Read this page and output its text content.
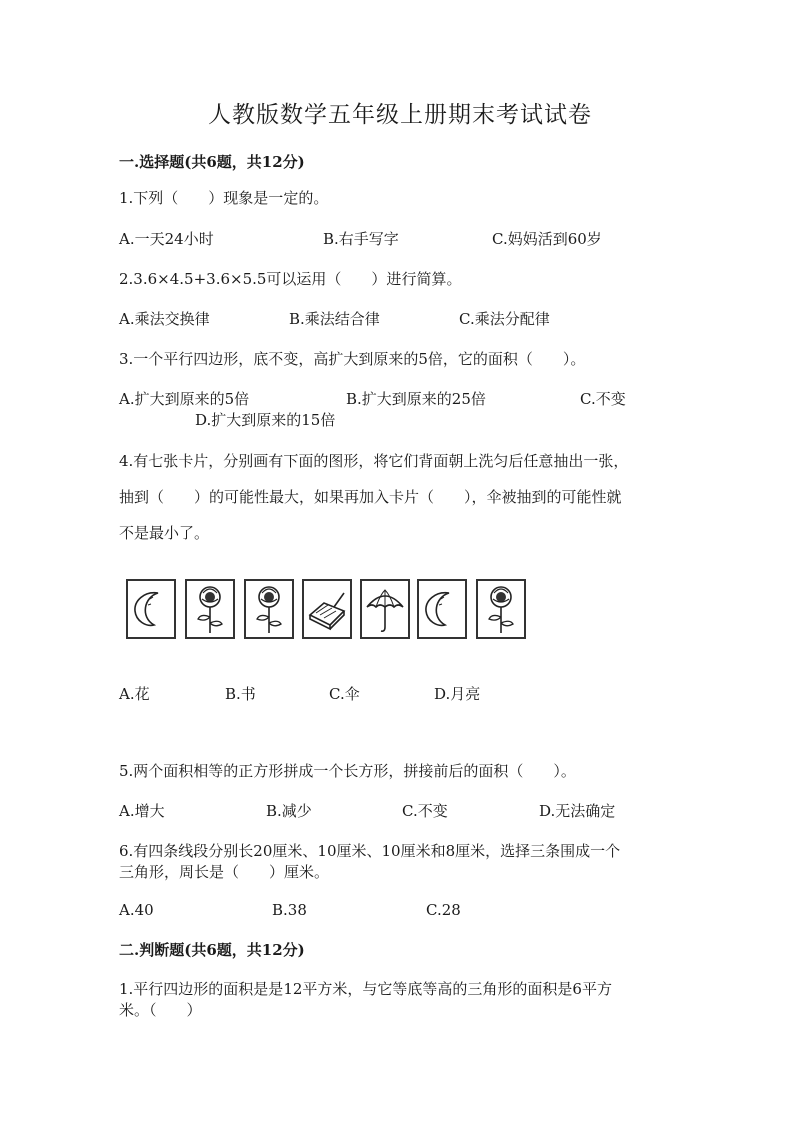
人教版数学五年级上册期末考试试卷
一.选择题(共6题，共12分)
1.下列（　　）现象是一定的。
A.一天24小时	B.右手写字	C.妈妈活到60岁
2.3.6×4.5+3.6×5.5可以运用（　　）进行简算。
A.乘法交换律	B.乘法结合律	C.乘法分配律
3.一个平行四边形，底不变，高扩大到原来的5倍，它的面积（　　）。
A.扩大到原来的5倍	B.扩大到原来的25倍	C.不变
D.扩大到原来的15倍
4.有七张卡片，分别画有下面的图形，将它们背面朝上洗匀后任意抽出一张，
抽到（　　）的可能性最大，如果再加入卡片（　　），伞被抽到的可能性就
不是最小了。
A.花	B.书	C.伞	D.月亮
5.两个面积相等的正方形拼成一个长方形，拼接前后的面积（　　）。
A.增大	B.减少	C.不变	D.无法确定
6.有四条线段分别长20厘米、10厘米、10厘米和8厘米，选择三条围成一个
三角形，周长是（　　）厘米。
A.40	B.38	C.28
二.判断题(共6题，共12分)
1.平行四边形的面积是是12平方米，与它等底等高的三角形的面积是6平方
米。（　　）
